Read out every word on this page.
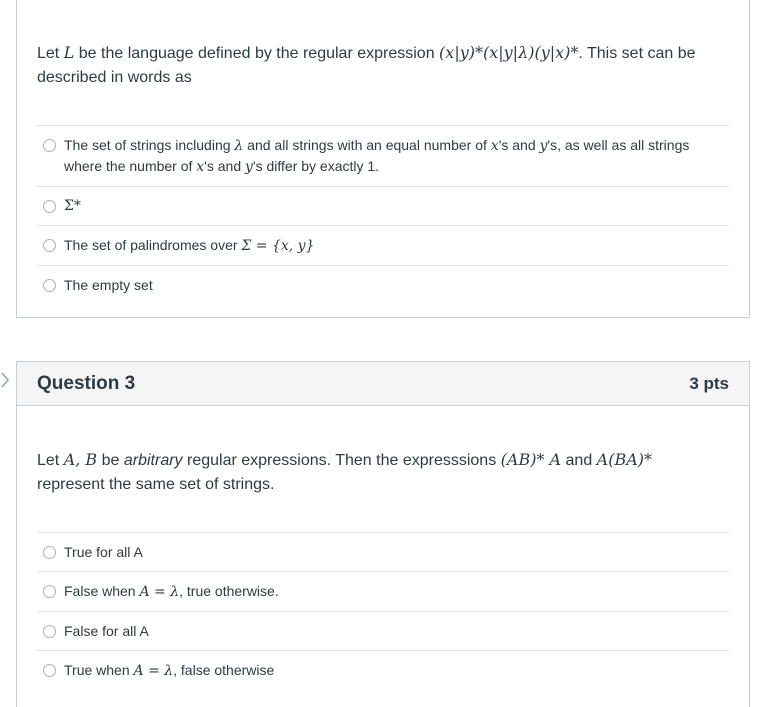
Let L be the language defined by the regular expression (x|y)*(x|y|λ)(y|x)*. This set can be described in words as
The set of strings including λ and all strings with an equal number of x's and y's, as well as all strings where the number of x's and y's differ by exactly 1.
Σ*
The set of palindromes over Σ = {x, y}
The empty set
Question 3	3 pts
Let A, B be arbitrary regular expressions. Then the expresssions (AB)* A and A(BA)* represent the same set of strings.
True for all A
False when A = λ, true otherwise.
False for all A
True when A = λ, false otherwise
